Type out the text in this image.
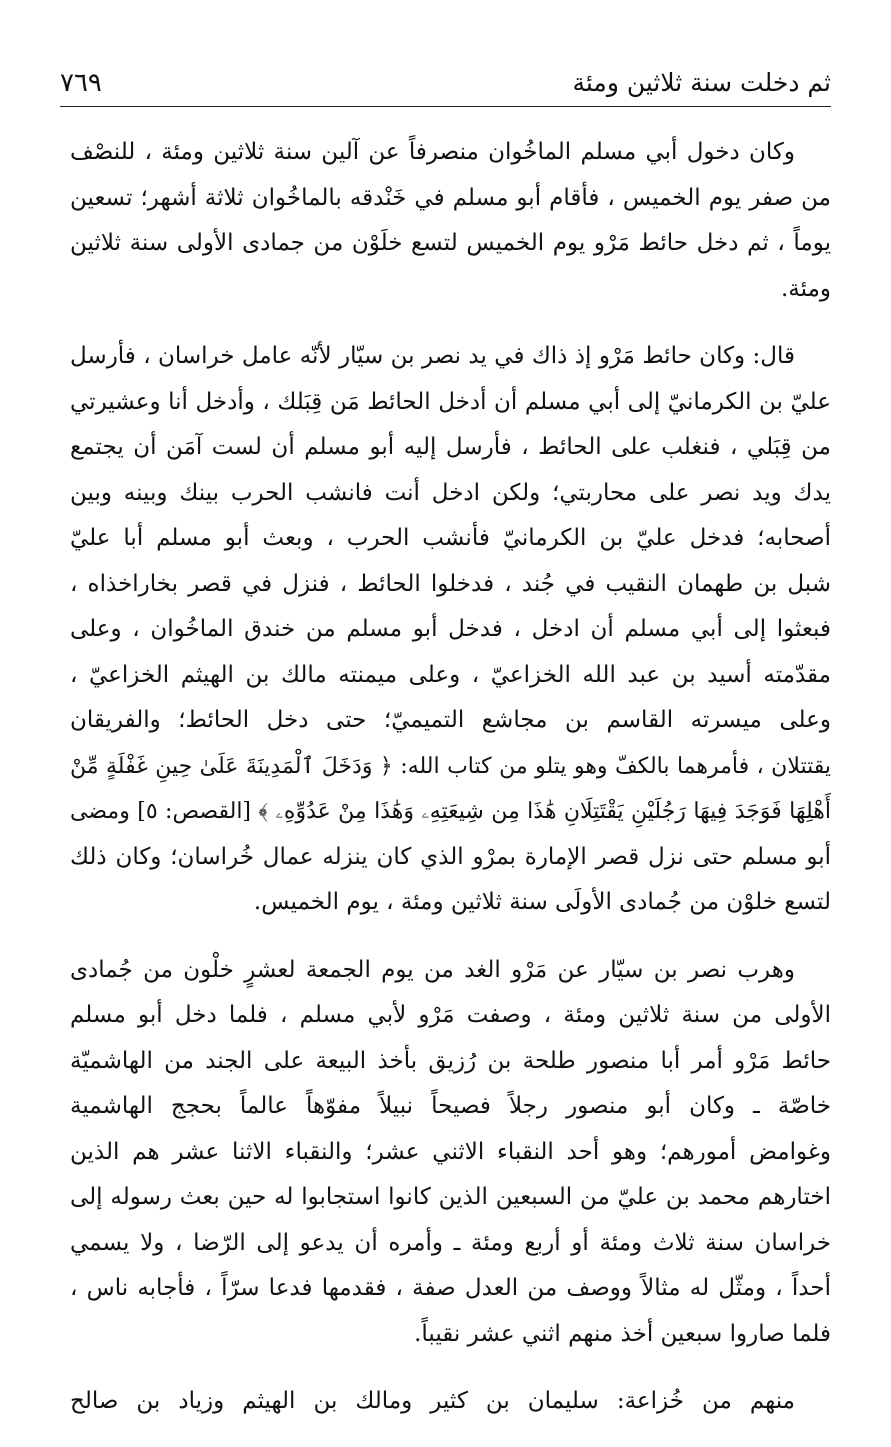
ثم دخلت سنة ثلاثين ومئة
٧٦٩
وكان دخول أبي مسلم الماخُوان منصرفاً عن آلين سنة ثلاثين ومئة ، للنصْف
من صفر يوم الخميس ، فأقام أبو مسلم في خَنْدقه بالماخُوان ثلاثة أشهر؛ تسعين
يوماً ، ثم دخل حائط مَرْو يوم الخميس لتسع خلَوْن من جمادى الأولى سنة ثلاثين
ومئة.
قال: وكان حائط مَرْو إذ ذاك في يد نصر بن سيّار لأنّه عامل خراسان ، فأرسل
عليّ بن الكرمانيّ إلى أبي مسلم أن أدخل الحائط مَن قِبَلك ، وأدخل أنا وعشيرتي
من قِبَلي ، فنغلب على الحائط ، فأرسل إليه أبو مسلم أن لست آمَن أن يجتمع
يدك ويد نصر على محاربتي؛ ولكن ادخل أنت فانشب الحرب بينك وبينه وبين
أصحابه؛ فدخل عليّ بن الكرمانيّ فأنشب الحرب ، وبعث أبو مسلم أبا عليّ
شبل بن طهمان النقيب في جُند ، فدخلوا الحائط ، فنزل في قصر بخاراخذاه ،
فبعثوا إلى أبي مسلم أن ادخل ، فدخل أبو مسلم من خندق الماخُوان ، وعلى
مقدّمته أسيد بن عبد الله الخزاعيّ ، وعلى ميمنته مالك بن الهيثم الخزاعيّ ،
وعلى ميسرته القاسم بن مجاشع التميميّ؛ حتى دخل الحائط؛ والفريقان
يقتتلان ، فأمرهما بالكفّ وهو يتلو من كتاب الله: ﴿ وَدَخَلَ ٱلْمَدِينَةَ عَلَىٰ حِينِ غَفْلَةٍ مِّنْ
أَهْلِهَا فَوَجَدَ فِيهَا رَجُلَيْنِ يَقْتَتِلَانِ هَٰذَا مِن شِيعَتِهِۦ وَهَٰذَا مِنْ عَدُوِّهِۦ ﴾ [القصص: ٥] ومضى
أبو مسلم حتى نزل قصر الإمارة بمرْو الذي كان ينزله عمال خُراسان؛ وكان ذلك
لتسع خلوْن من جُمادى الأولَى سنة ثلاثين ومئة ، يوم الخميس.
وهرب نصر بن سيّار عن مَرْو الغد من يوم الجمعة لعشرٍ خلْون من جُمادى
الأولى من سنة ثلاثين ومئة ، وصفت مَرْو لأبي مسلم ، فلما دخل أبو مسلم
حائط مَرْو أمر أبا منصور طلحة بن رُزيق بأخذ البيعة على الجند من الهاشميّة
خاصّة ـ وكان أبو منصور رجلاً فصيحاً نبيلاً مفوّهاً عالماً بحجج الهاشمية
وغوامض أمورهم؛ وهو أحد النقباء الاثني عشر؛ والنقباء الاثنا عشر هم الذين
اختارهم محمد بن عليّ من السبعين الذين كانوا استجابوا له حين بعث رسوله إلى
خراسان سنة ثلاث ومئة أو أربع ومئة ـ وأمره أن يدعو إلى الرّضا ، ولا يسمي
أحداً ، ومثّل له مثالاً ووصف من العدل صفة ، فقدمها فدعا سرّاً ، فأجابه ناس ،
فلما صاروا سبعين أخذ منهم اثني عشر نقيباً.
منهم من خُزاعة: سليمان بن كثير ومالك بن الهيثم وزياد بن صالح
